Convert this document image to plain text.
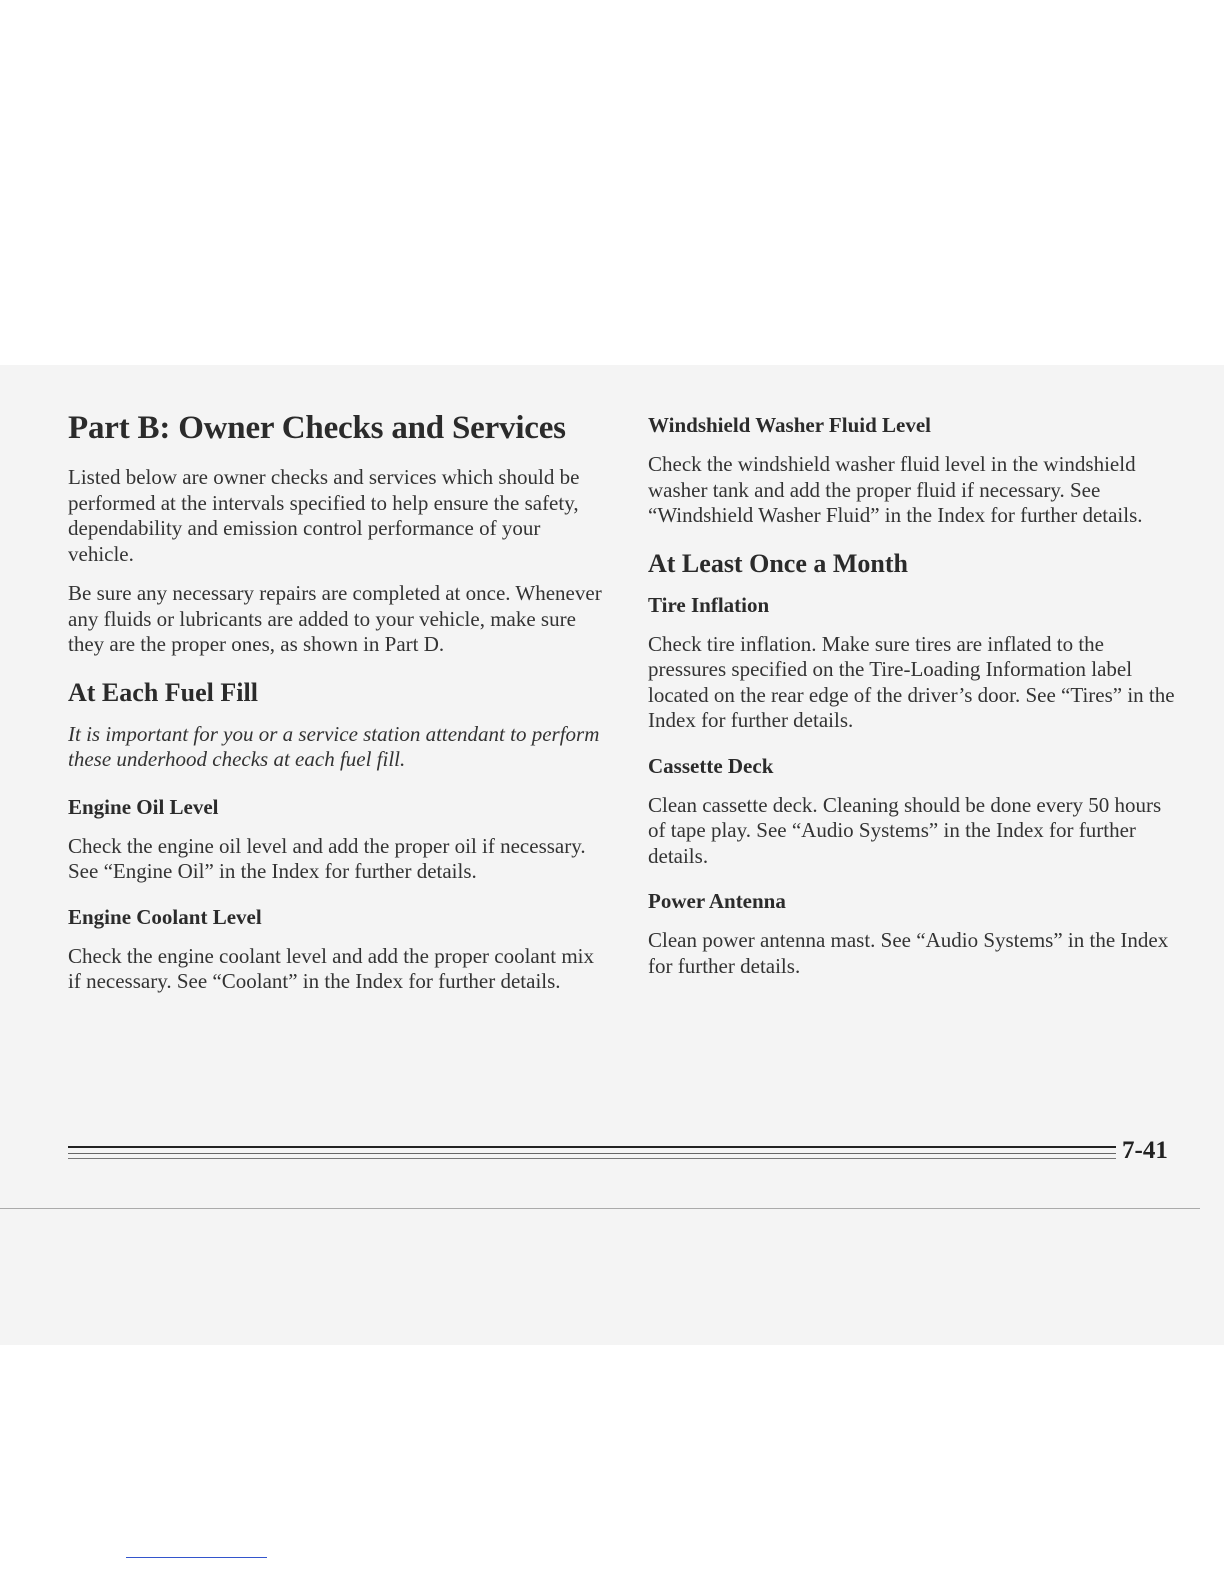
Part B: Owner Checks and Services

Listed below are owner checks and services which should be performed at the intervals specified to help ensure the safety, dependability and emission control performance of your vehicle.

Be sure any necessary repairs are completed at once. Whenever any fluids or lubricants are added to your vehicle, make sure they are the proper ones, as shown in Part D.

At Each Fuel Fill

It is important for you or a service station attendant to perform these underhood checks at each fuel fill.

Engine Oil Level

Check the engine oil level and add the proper oil if necessary. See “Engine Oil” in the Index for further details.

Engine Coolant Level

Check the engine coolant level and add the proper coolant mix if necessary. See “Coolant” in the Index for further details.

Windshield Washer Fluid Level

Check the windshield washer fluid level in the windshield washer tank and add the proper fluid if necessary. See “Windshield Washer Fluid” in the Index for further details.

At Least Once a Month
Tire Inflation

Check tire inflation. Make sure tires are inflated to the pressures specified on the Tire-Loading Information label located on the rear edge of the driver’s door. See “Tires” in the Index for further details.

Cassette Deck

Clean cassette deck. Cleaning should be done every 50 hours of tape play. See “Audio Systems” in the Index for further details.

Power Antenna

Clean power antenna mast. See “Audio Systems” in the Index for further details.

7-41
